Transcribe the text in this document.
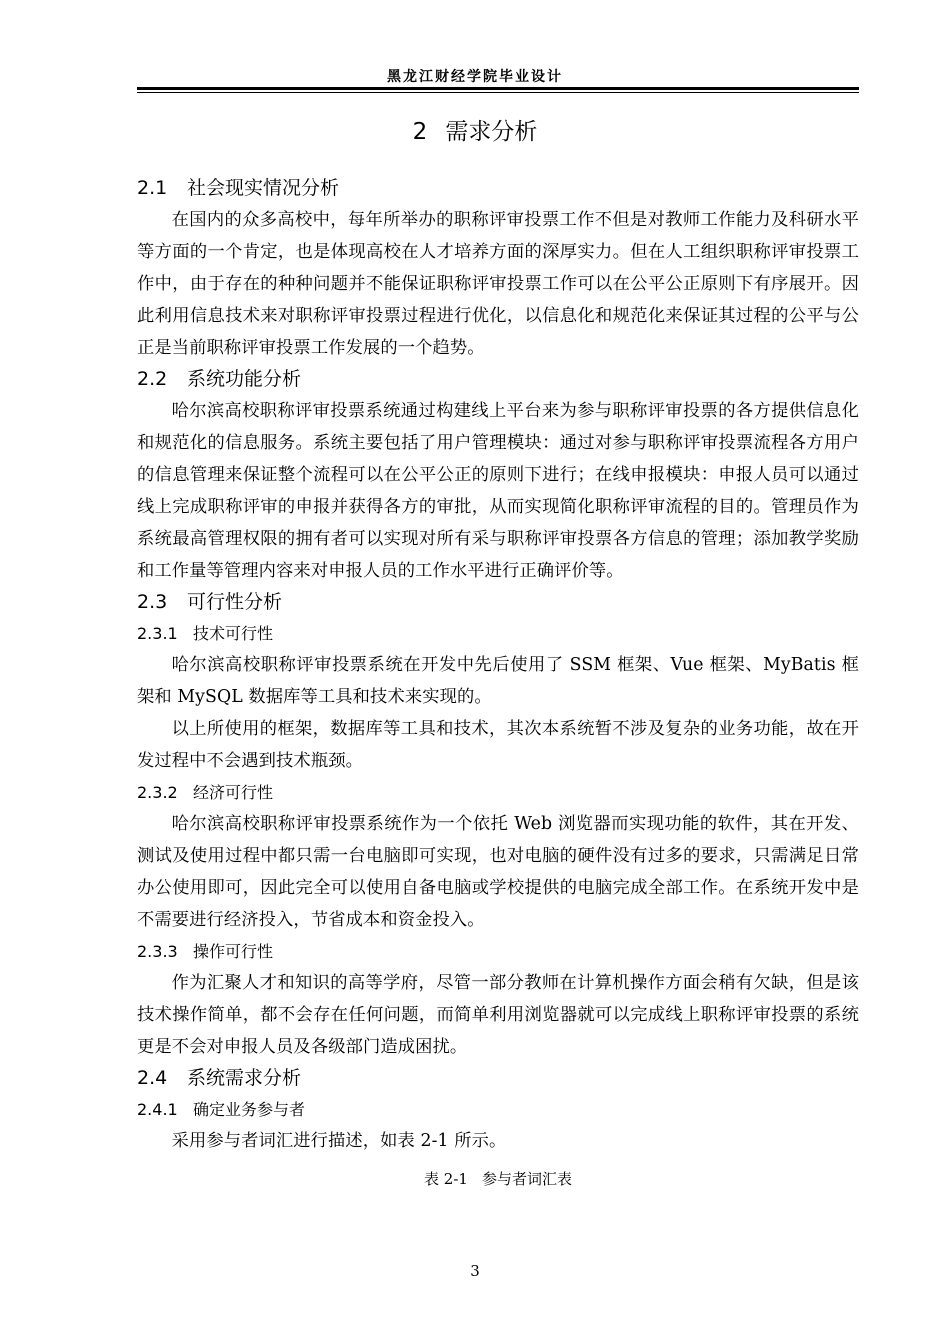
黑龙江财经学院毕业设计
2 需求分析
2.1 社会现实情况分析

在国内的众多高校中，每年所举办的职称评审投票工作不但是对教师工作能力及科研水平等方面的一个肯定，也是体现高校在人才培养方面的深厚实力。但在人工组织职称评审投票工作中，由于存在的种种问题并不能保证职称评审投票工作可以在公平公正原则下有序展开。因此利用信息技术来对职称评审投票过程进行优化，以信息化和规范化来保证其过程的公平与公正是当前职称评审投票工作发展的一个趋势。

2.2 系统功能分析

哈尔滨高校职称评审投票系统通过构建线上平台来为参与职称评审投票的各方提供信息化和规范化的信息服务。系统主要包括了用户管理模块：通过对参与职称评审投票流程各方用户的信息管理来保证整个流程可以在公平公正的原则下进行；在线申报模块：申报人员可以通过线上完成职称评审的申报并获得各方的审批，从而实现简化职称评审流程的目的。管理员作为系统最高管理权限的拥有者可以实现对所有采与职称评审投票各方信息的管理；添加教学奖励和工作量等管理内容来对申报人员的工作水平进行正确评价等。

2.3 可行性分析
2.3.1 技术可行性

哈尔滨高校职称评审投票系统在开发中先后使用了 SSM 框架、Vue 框架、MyBatis 框架和 MySQL 数据库等工具和技术来实现的。

以上所使用的框架，数据库等工具和技术，其次本系统暂不涉及复杂的业务功能，故在开发过程中不会遇到技术瓶颈。

2.3.2 经济可行性

哈尔滨高校职称评审投票系统作为一个依托 Web 浏览器而实现功能的软件，其在开发、测试及使用过程中都只需一台电脑即可实现，也对电脑的硬件没有过多的要求，只需满足日常办公使用即可，因此完全可以使用自备电脑或学校提供的电脑完成全部工作。在系统开发中是不需要进行经济投入，节省成本和资金投入。

2.3.3 操作可行性

作为汇聚人才和知识的高等学府，尽管一部分教师在计算机操作方面会稍有欠缺，但是该技术操作简单，都不会存在任何问题，而简单利用浏览器就可以完成线上职称评审投票的系统更是不会对申报人员及各级部门造成困扰。

2.4 系统需求分析
2.4.1 确定业务参与者

采用参与者词汇进行描述，如表 2-1 所示。

表 2-1 参与者词汇表
3
